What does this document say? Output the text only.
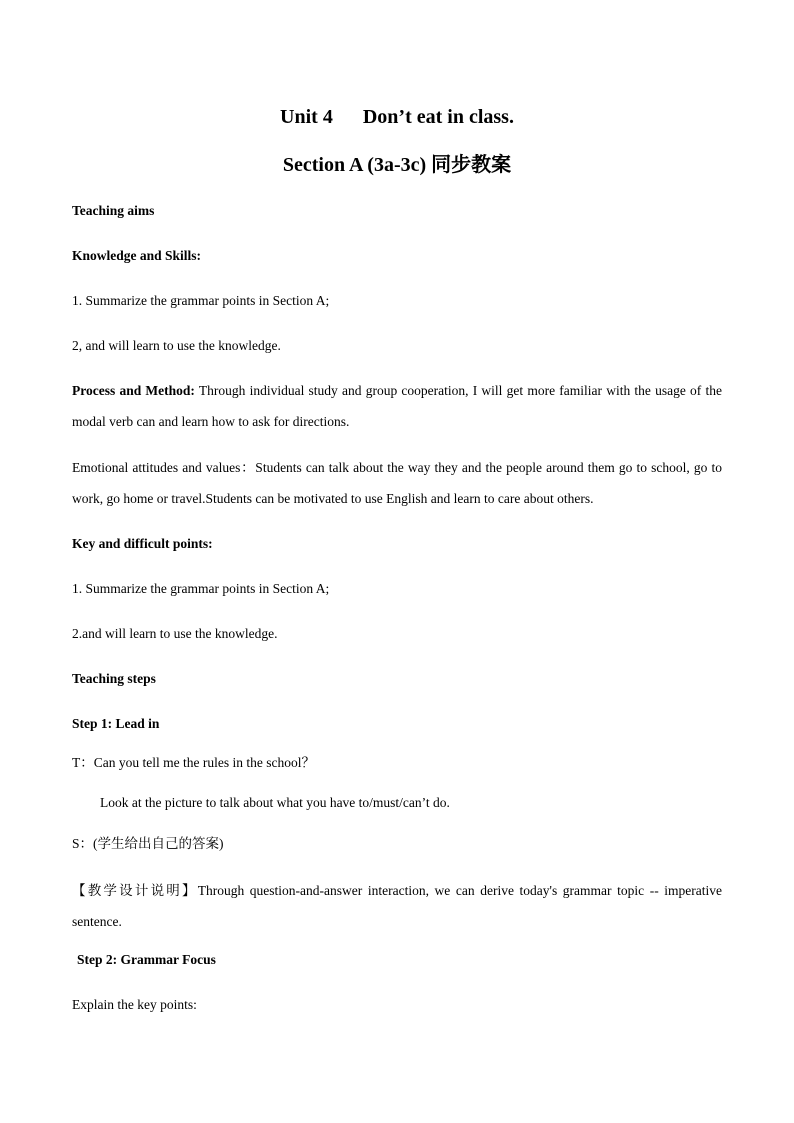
Unit 4 Don’t eat in class.
Section A (3a-3c) 同步教案
Teaching aims
Knowledge and Skills:
1. Summarize the grammar points in Section A;
2, and will learn to use the knowledge.
Process and Method: Through individual study and group cooperation, I will get more familiar with the usage of the modal verb can and learn how to ask for directions.
Emotional attitudes and values：Students can talk about the way they and the people around them go to school, go to work, go home or travel.Students can be motivated to use English and learn to care about others.
Key and difficult points:
1. Summarize the grammar points in Section A;
2.and will learn to use the knowledge.
Teaching steps
Step 1: Lead in
T：Can you tell me the rules in the school？
Look at the picture to talk about what you have to/must/can’t do.
S：(学生给出自己的答案)
【教学设计说明】Through question-and-answer interaction, we can derive today's grammar topic -- imperative sentence.
Step 2: Grammar Focus
Explain the key points:
